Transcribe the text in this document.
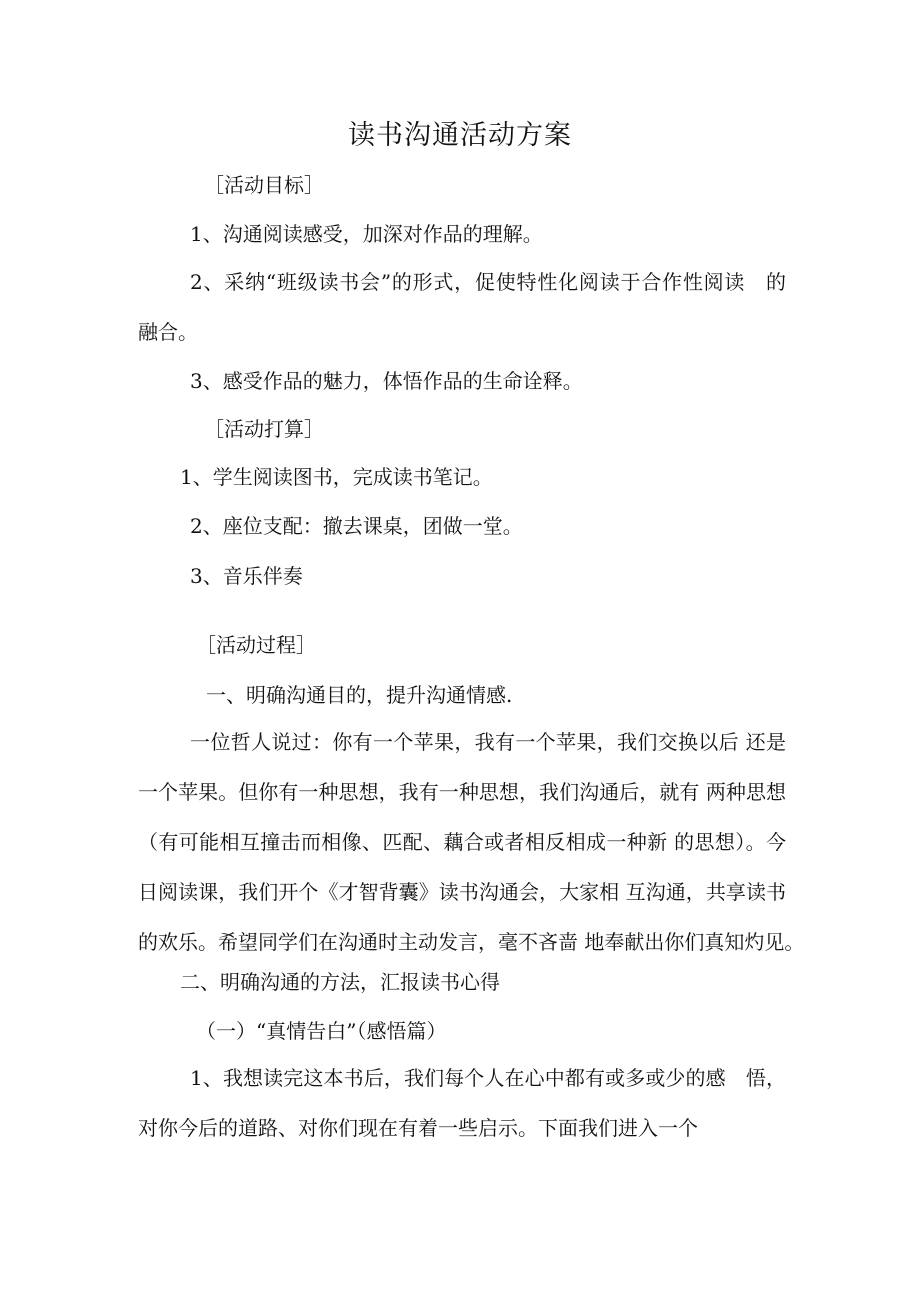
读书沟通活动方案
［活动目标］
1、沟通阅读感受，加深对作品的理解。
2、采纳“班级读书会”的形式，促使特性化阅读于合作性阅读　的
融合。
3、感受作品的魅力，体悟作品的生命诠释。
［活动打算］
1、学生阅读图书，完成读书笔记。
2、座位支配：撤去课桌，团做一堂。
3、音乐伴奏
［活动过程］
一、明确沟通目的，提升沟通情感.
一位哲人说过：你有一个苹果，我有一个苹果，我们交换以后 还是
一个苹果。但你有一种思想，我有一种思想，我们沟通后，就有 两种思想
（有可能相互撞击而相像、匹配、藕合或者相反相成一种新 的思想）。今
日阅读课，我们开个《才智背囊》读书沟通会，大家相 互沟通，共享读书
的欢乐。希望同学们在沟通时主动发言，毫不吝啬 地奉献出你们真知灼见。
二、明确沟通的方法，汇报读书心得
（一）“真情告白”（感悟篇）
1、我想读完这本书后，我们每个人在心中都有或多或少的感　悟，
对你今后的道路、对你们现在有着一些启示。下面我们进入一个
